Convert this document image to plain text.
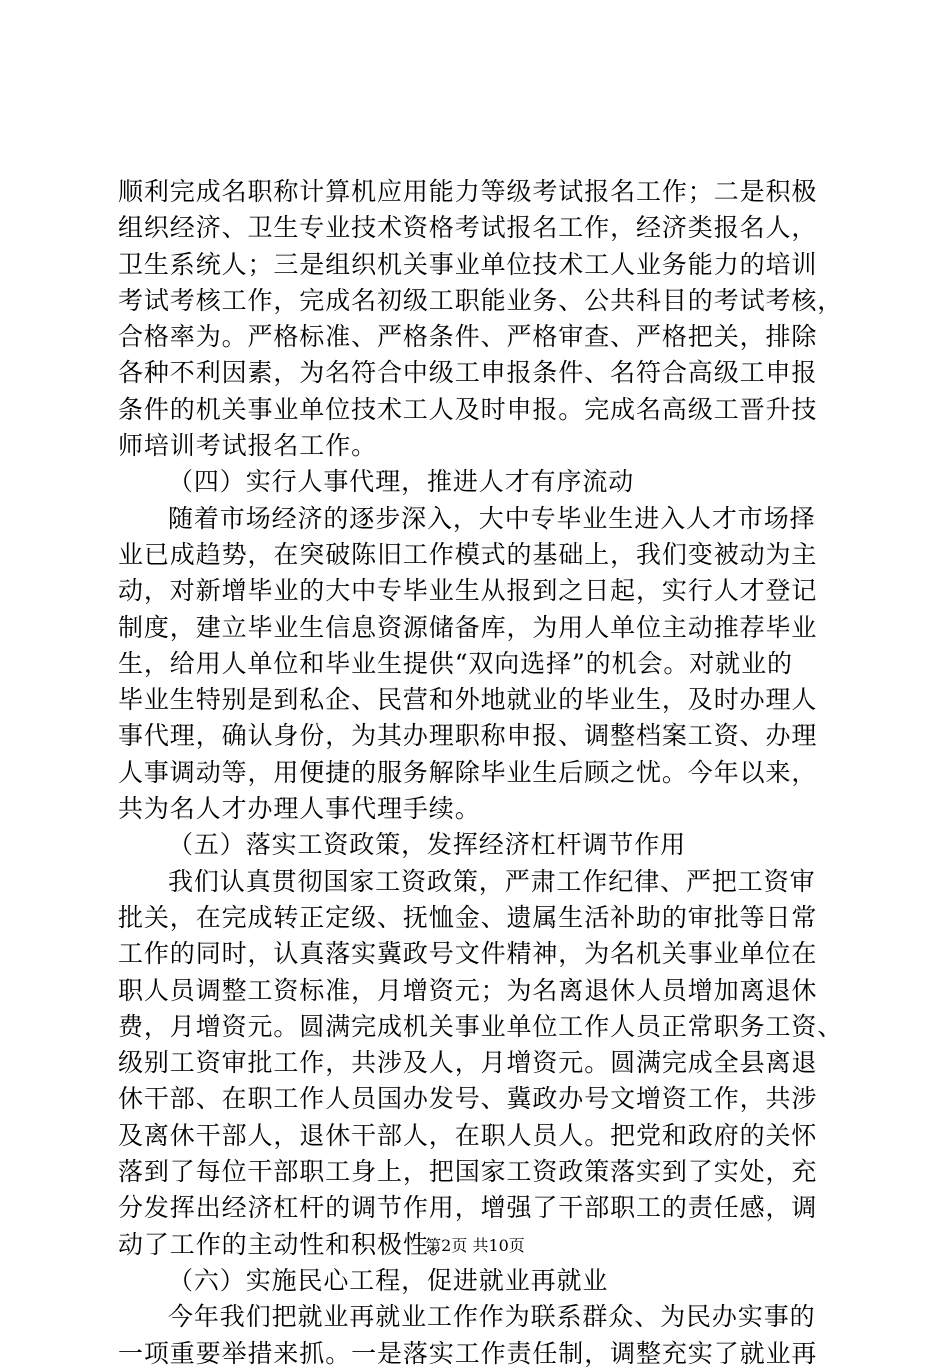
顺利完成名职称计算机应用能力等级考试报名工作；二是积极
组织经济、卫生专业技术资格考试报名工作，经济类报名人，
卫生系统人；三是组织机关事业单位技术工人业务能力的培训
考试考核工作，完成名初级工职能业务、公共科目的考试考核，
合格率为。严格标准、严格条件、严格审查、严格把关，排除
各种不利因素，为名符合中级工申报条件、名符合高级工申报
条件的机关事业单位技术工人及时申报。完成名高级工晋升技
师培训考试报名工作。
（四）实行人事代理，推进人才有序流动
随着市场经济的逐步深入，大中专毕业生进入人才市场择
业已成趋势，在突破陈旧工作模式的基础上，我们变被动为主
动，对新增毕业的大中专毕业生从报到之日起，实行人才登记
制度，建立毕业生信息资源储备库，为用人单位主动推荐毕业
生，给用人单位和毕业生提供“双向选择”的机会。对就业的
毕业生特别是到私企、民营和外地就业的毕业生，及时办理人
事代理，确认身份，为其办理职称申报、调整档案工资、办理
人事调动等，用便捷的服务解除毕业生后顾之忧。今年以来，
共为名人才办理人事代理手续。
（五）落实工资政策，发挥经济杠杆调节作用
我们认真贯彻国家工资政策，严肃工作纪律、严把工资审
批关，在完成转正定级、抚恤金、遗属生活补助的审批等日常
工作的同时，认真落实冀政号文件精神，为名机关事业单位在
职人员调整工资标准，月增资元；为名离退休人员增加离退休
费，月增资元。圆满完成机关事业单位工作人员正常职务工资、
级别工资审批工作，共涉及人，月增资元。圆满完成全县离退
休干部、在职工作人员国办发号、冀政办号文增资工作，共涉
及离休干部人，退休干部人，在职人员人。把党和政府的关怀
落到了每位干部职工身上，把国家工资政策落实到了实处，充
分发挥出经济杠杆的调节作用，增强了干部职工的责任感，调
动了工作的主动性和积极性。
（六）实施民心工程，促进就业再就业
今年我们把就业再就业工作作为联系群众、为民办实事的
一项重要举措来抓。一是落实工作责任制，调整充实了就业再
第2页 共10页
